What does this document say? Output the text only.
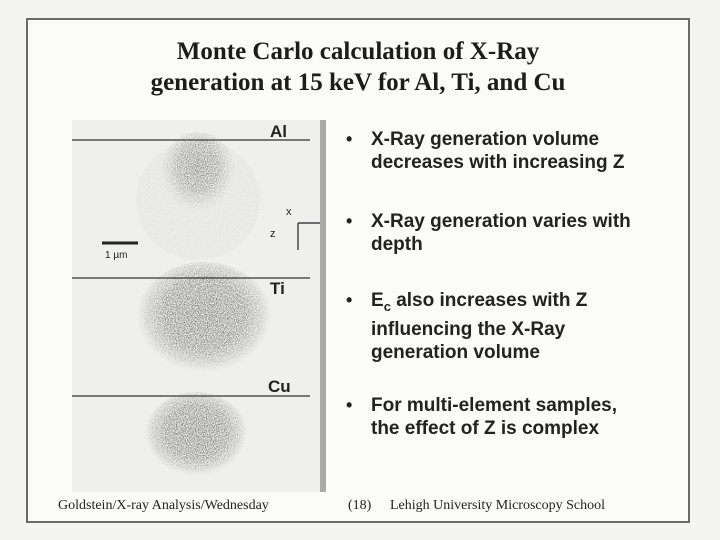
Monte Carlo calculation of X-Ray
generation at 15 keV for Al, Ti, and Cu
Al
1 µm
x
z
Ti
Cu
• X-Ray generation volume
decreases with increasing Z
• X-Ray generation varies with
depth
• $E_c$ also increases with Z
influencing the X-Ray
generation volume
• For multi-element samples,
the effect of Z is complex
Goldstein/X-ray Analysis/Wednesday	(18) Lehigh University Microscopy School
